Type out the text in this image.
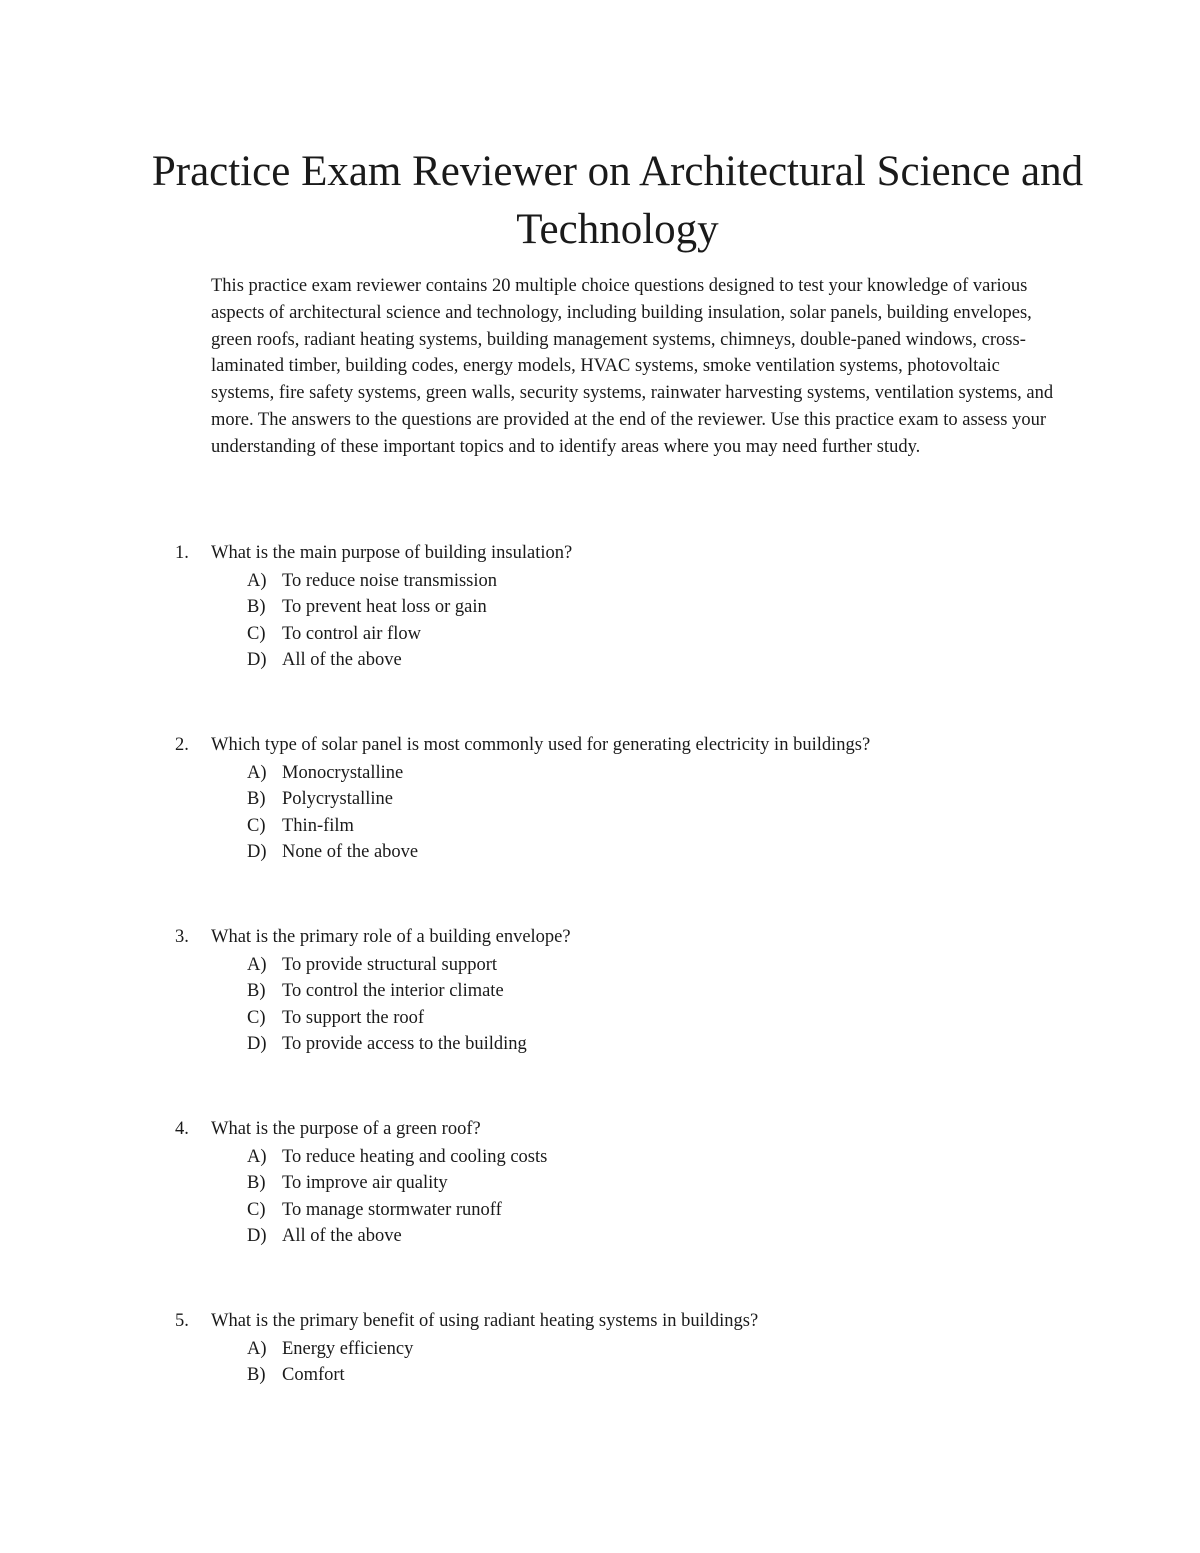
Practice Exam Reviewer on Architectural Science and Technology

This practice exam reviewer contains 20 multiple choice questions designed to test your knowledge of various aspects of architectural science and technology, including building insulation, solar panels, building envelopes, green roofs, radiant heating systems, building management systems, chimneys, double-paned windows, cross-laminated timber, building codes, energy models, HVAC systems, smoke ventilation systems, photovoltaic systems, fire safety systems, green walls, security systems, rainwater harvesting systems, ventilation systems, and more. The answers to the questions are provided at the end of the reviewer. Use this practice exam to assess your understanding of these important topics and to identify areas where you may need further study.

1. What is the main purpose of building insulation?
A) To reduce noise transmission
B) To prevent heat loss or gain
C) To control air flow
D) All of the above
2. Which type of solar panel is most commonly used for generating electricity in buildings?
A) Monocrystalline
B) Polycrystalline
C) Thin-film
D) None of the above
3. What is the primary role of a building envelope?
A) To provide structural support
B) To control the interior climate
C) To support the roof
D) To provide access to the building
4. What is the purpose of a green roof?
A) To reduce heating and cooling costs
B) To improve air quality
C) To manage stormwater runoff
D) All of the above
5. What is the primary benefit of using radiant heating systems in buildings?
A) Energy efficiency
B) Comfort
